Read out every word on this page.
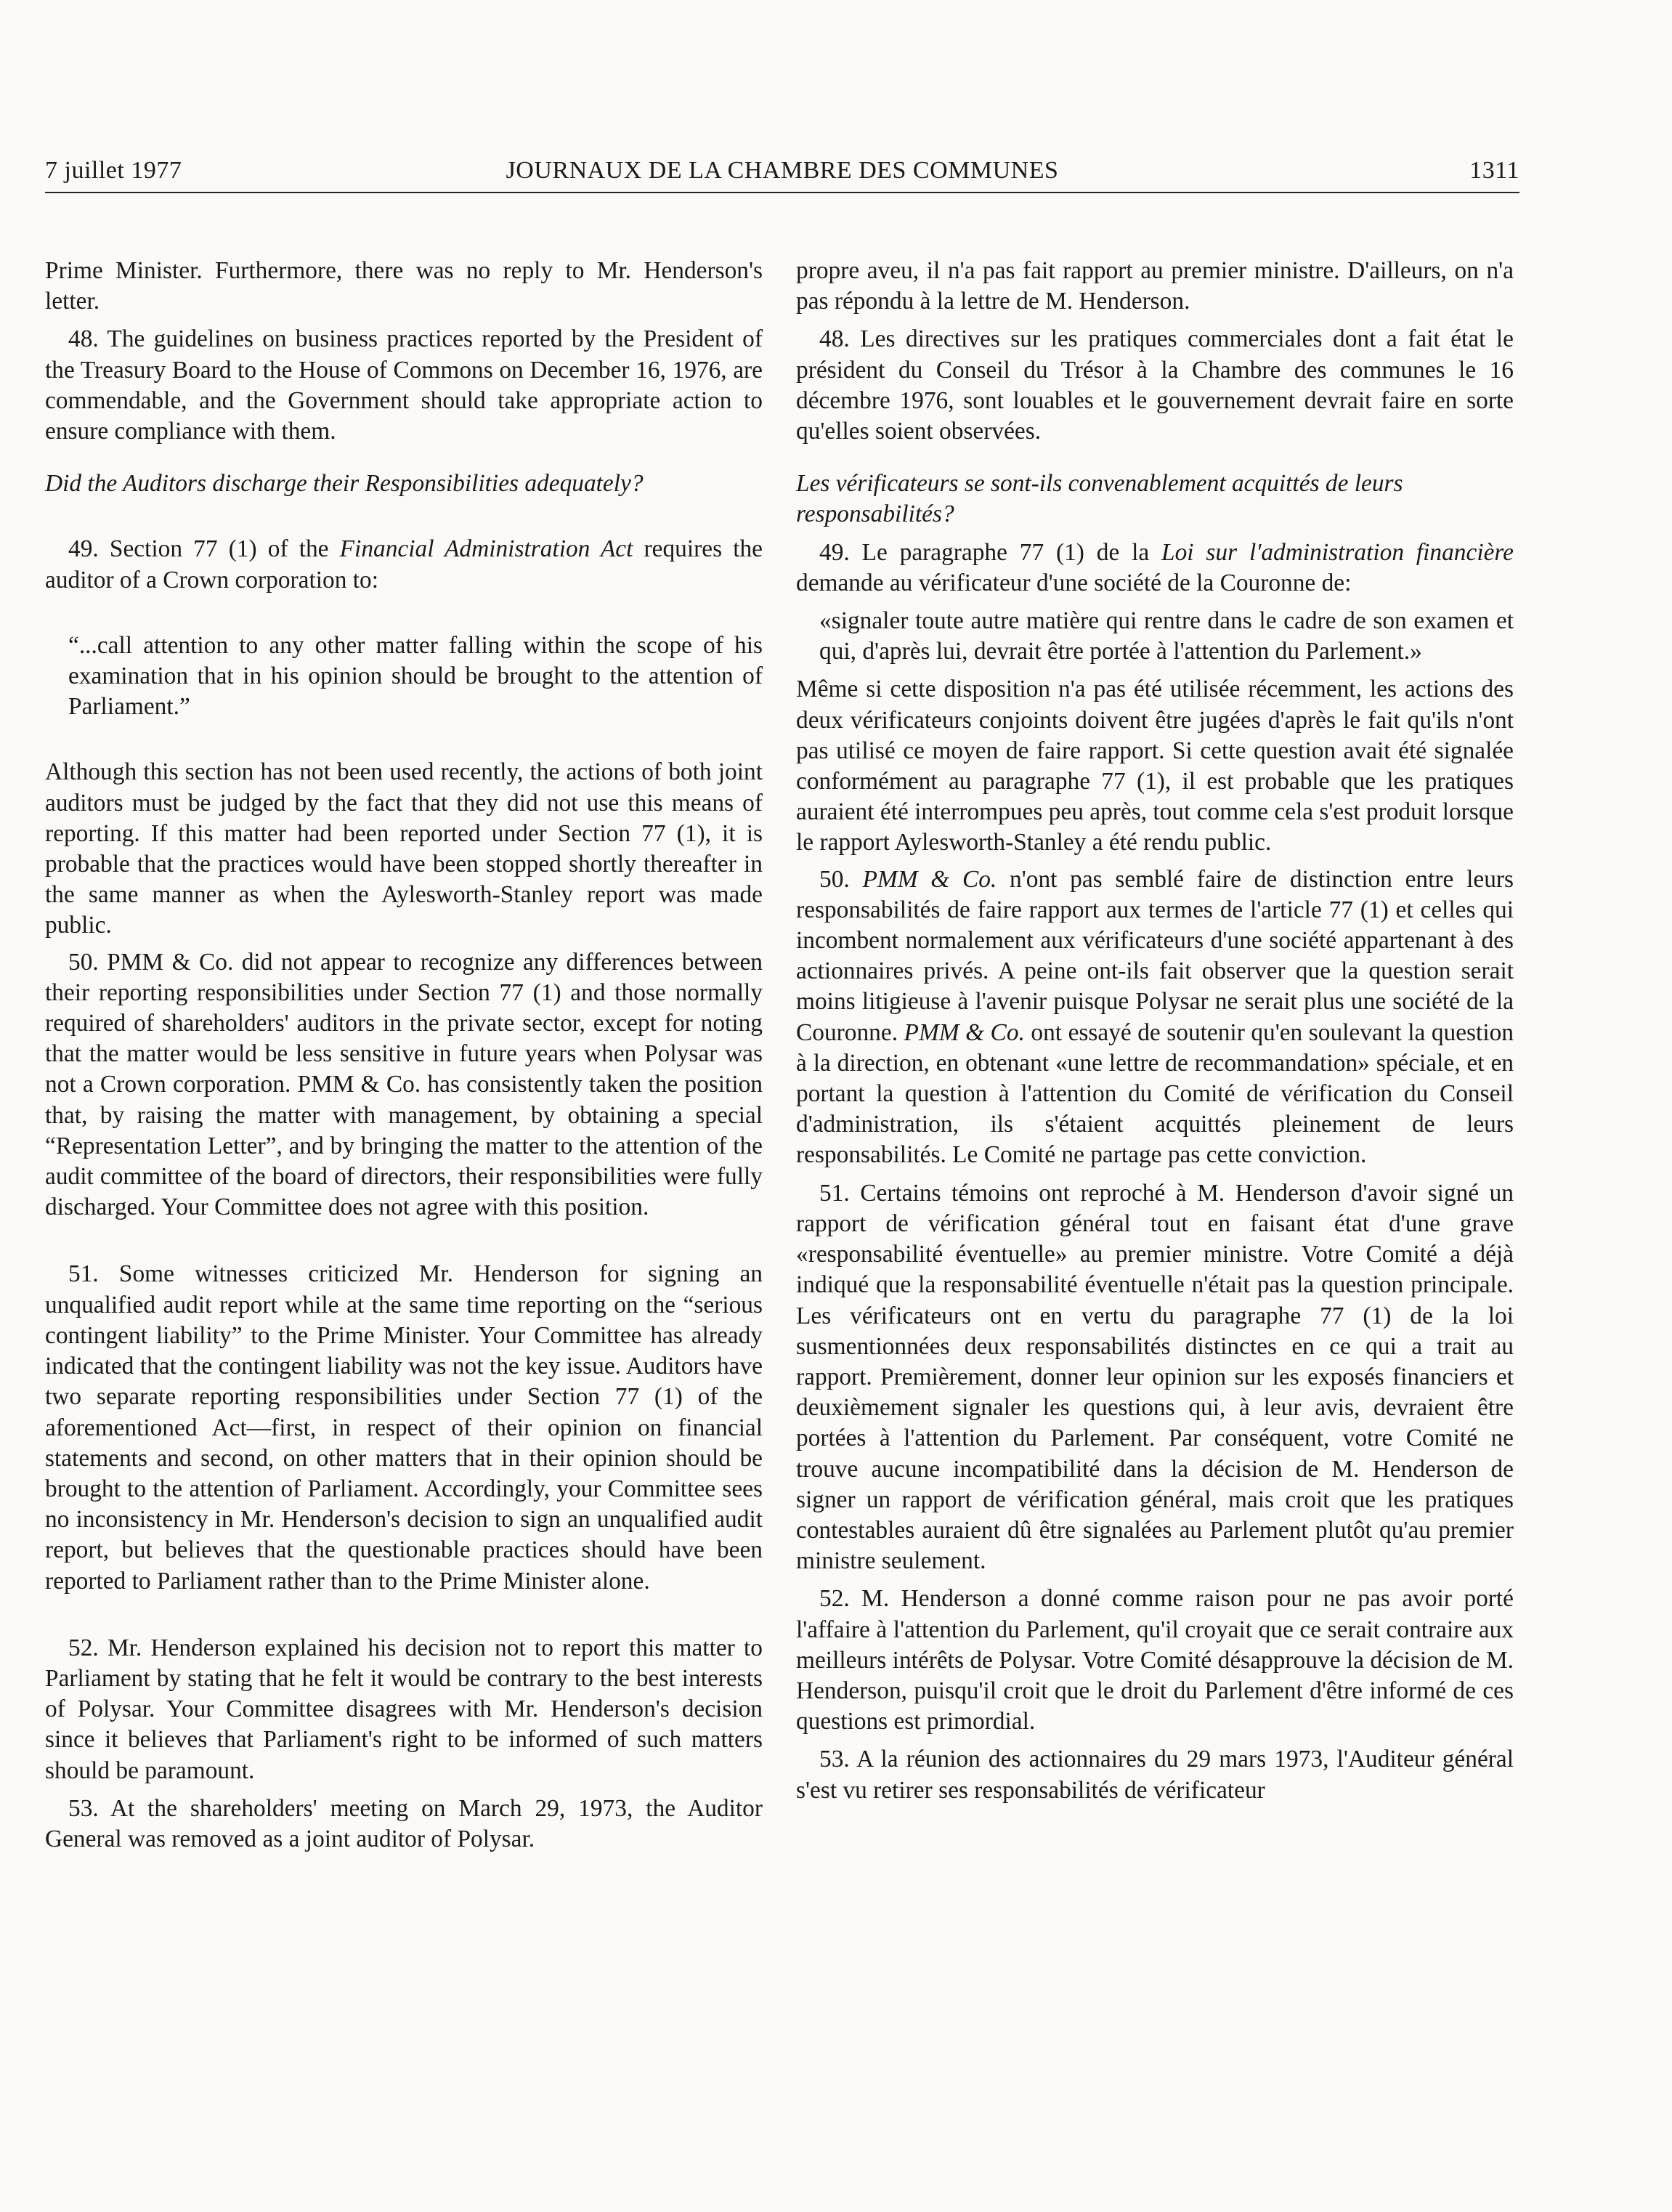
7 juillet 1977	JOURNAUX DE LA CHAMBRE DES COMMUNES	1311

Prime Minister. Furthermore, there was no reply to Mr. Henderson's letter.

48. The guidelines on business practices reported by the President of the Treasury Board to the House of Commons on December 16, 1976, are commendable, and the Government should take appropriate action to ensure compliance with them.

Did the Auditors discharge their Responsibilities adequately?

49. Section 77 (1) of the Financial Administration Act requires the auditor of a Crown corporation to:

“...call attention to any other matter falling within the scope of his examination that in his opinion should be brought to the attention of Parliament.”

Although this section has not been used recently, the actions of both joint auditors must be judged by the fact that they did not use this means of reporting. If this matter had been reported under Section 77 (1), it is probable that the practices would have been stopped shortly thereafter in the same manner as when the Aylesworth-Stanley report was made public.

50. PMM & Co. did not appear to recognize any differences between their reporting responsibilities under Section 77 (1) and those normally required of shareholders' auditors in the private sector, except for noting that the matter would be less sensitive in future years when Polysar was not a Crown corporation. PMM & Co. has consistently taken the position that, by raising the matter with management, by obtaining a special “Representation Letter”, and by bringing the matter to the attention of the audit committee of the board of directors, their responsibilities were fully discharged. Your Committee does not agree with this position.

51. Some witnesses criticized Mr. Henderson for signing an unqualified audit report while at the same time reporting on the “serious contingent liability” to the Prime Minister. Your Committee has already indicated that the contingent liability was not the key issue. Auditors have two separate reporting responsibilities under Section 77 (1) of the aforementioned Act—first, in respect of their opinion on financial statements and second, on other matters that in their opinion should be brought to the attention of Parliament. Accordingly, your Committee sees no inconsistency in Mr. Henderson's decision to sign an unqualified audit report, but believes that the questionable practices should have been reported to Parliament rather than to the Prime Minister alone.

52. Mr. Henderson explained his decision not to report this matter to Parliament by stating that he felt it would be contrary to the best interests of Polysar. Your Committee disagrees with Mr. Henderson's decision since it believes that Parliament's right to be informed of such matters should be paramount.

53. At the shareholders' meeting on March 29, 1973, the Auditor General was removed as a joint auditor of Polysar.

propre aveu, il n'a pas fait rapport au premier ministre. D'ailleurs, on n'a pas répondu à la lettre de M. Henderson.

48. Les directives sur les pratiques commerciales dont a fait état le président du Conseil du Trésor à la Chambre des communes le 16 décembre 1976, sont louables et le gouvernement devrait faire en sorte qu'elles soient observées.

Les vérificateurs se sont-ils convenablement acquittés de leurs responsabilités?

49. Le paragraphe 77 (1) de la Loi sur l'administration financière demande au vérificateur d'une société de la Couronne de:

«signaler toute autre matière qui rentre dans le cadre de son examen et qui, d'après lui, devrait être portée à l'attention du Parlement.»

Même si cette disposition n'a pas été utilisée récemment, les actions des deux vérificateurs conjoints doivent être jugées d'après le fait qu'ils n'ont pas utilisé ce moyen de faire rapport. Si cette question avait été signalée conformément au paragraphe 77 (1), il est probable que les pratiques auraient été interrompues peu après, tout comme cela s'est produit lorsque le rapport Aylesworth-Stanley a été rendu public.

50. PMM & Co. n'ont pas semblé faire de distinction entre leurs responsabilités de faire rapport aux termes de l'article 77 (1) et celles qui incombent normalement aux vérificateurs d'une société appartenant à des actionnaires privés. A peine ont-ils fait observer que la question serait moins litigieuse à l'avenir puisque Polysar ne serait plus une société de la Couronne. PMM & Co. ont essayé de soutenir qu'en soulevant la question à la direction, en obtenant «une lettre de recommandation» spéciale, et en portant la question à l'attention du Comité de vérification du Conseil d'administration, ils s'étaient acquittés pleinement de leurs responsabilités. Le Comité ne partage pas cette conviction.

51. Certains témoins ont reproché à M. Henderson d'avoir signé un rapport de vérification général tout en faisant état d'une grave «responsabilité éventuelle» au premier ministre. Votre Comité a déjà indiqué que la responsabilité éventuelle n'était pas la question principale. Les vérificateurs ont en vertu du paragraphe 77 (1) de la loi susmentionnées deux responsabilités distinctes en ce qui a trait au rapport. Premièrement, donner leur opinion sur les exposés financiers et deuxièmement signaler les questions qui, à leur avis, devraient être portées à l'attention du Parlement. Par conséquent, votre Comité ne trouve aucune incompatibilité dans la décision de M. Henderson de signer un rapport de vérification général, mais croit que les pratiques contestables auraient dû être signalées au Parlement plutôt qu'au premier ministre seulement.

52. M. Henderson a donné comme raison pour ne pas avoir porté l'affaire à l'attention du Parlement, qu'il croyait que ce serait contraire aux meilleurs intérêts de Polysar. Votre Comité désapprouve la décision de M. Henderson, puisqu'il croit que le droit du Parlement d'être informé de ces questions est primordial.

53. A la réunion des actionnaires du 29 mars 1973, l'Auditeur général s'est vu retirer ses responsabilités de vérificateur
